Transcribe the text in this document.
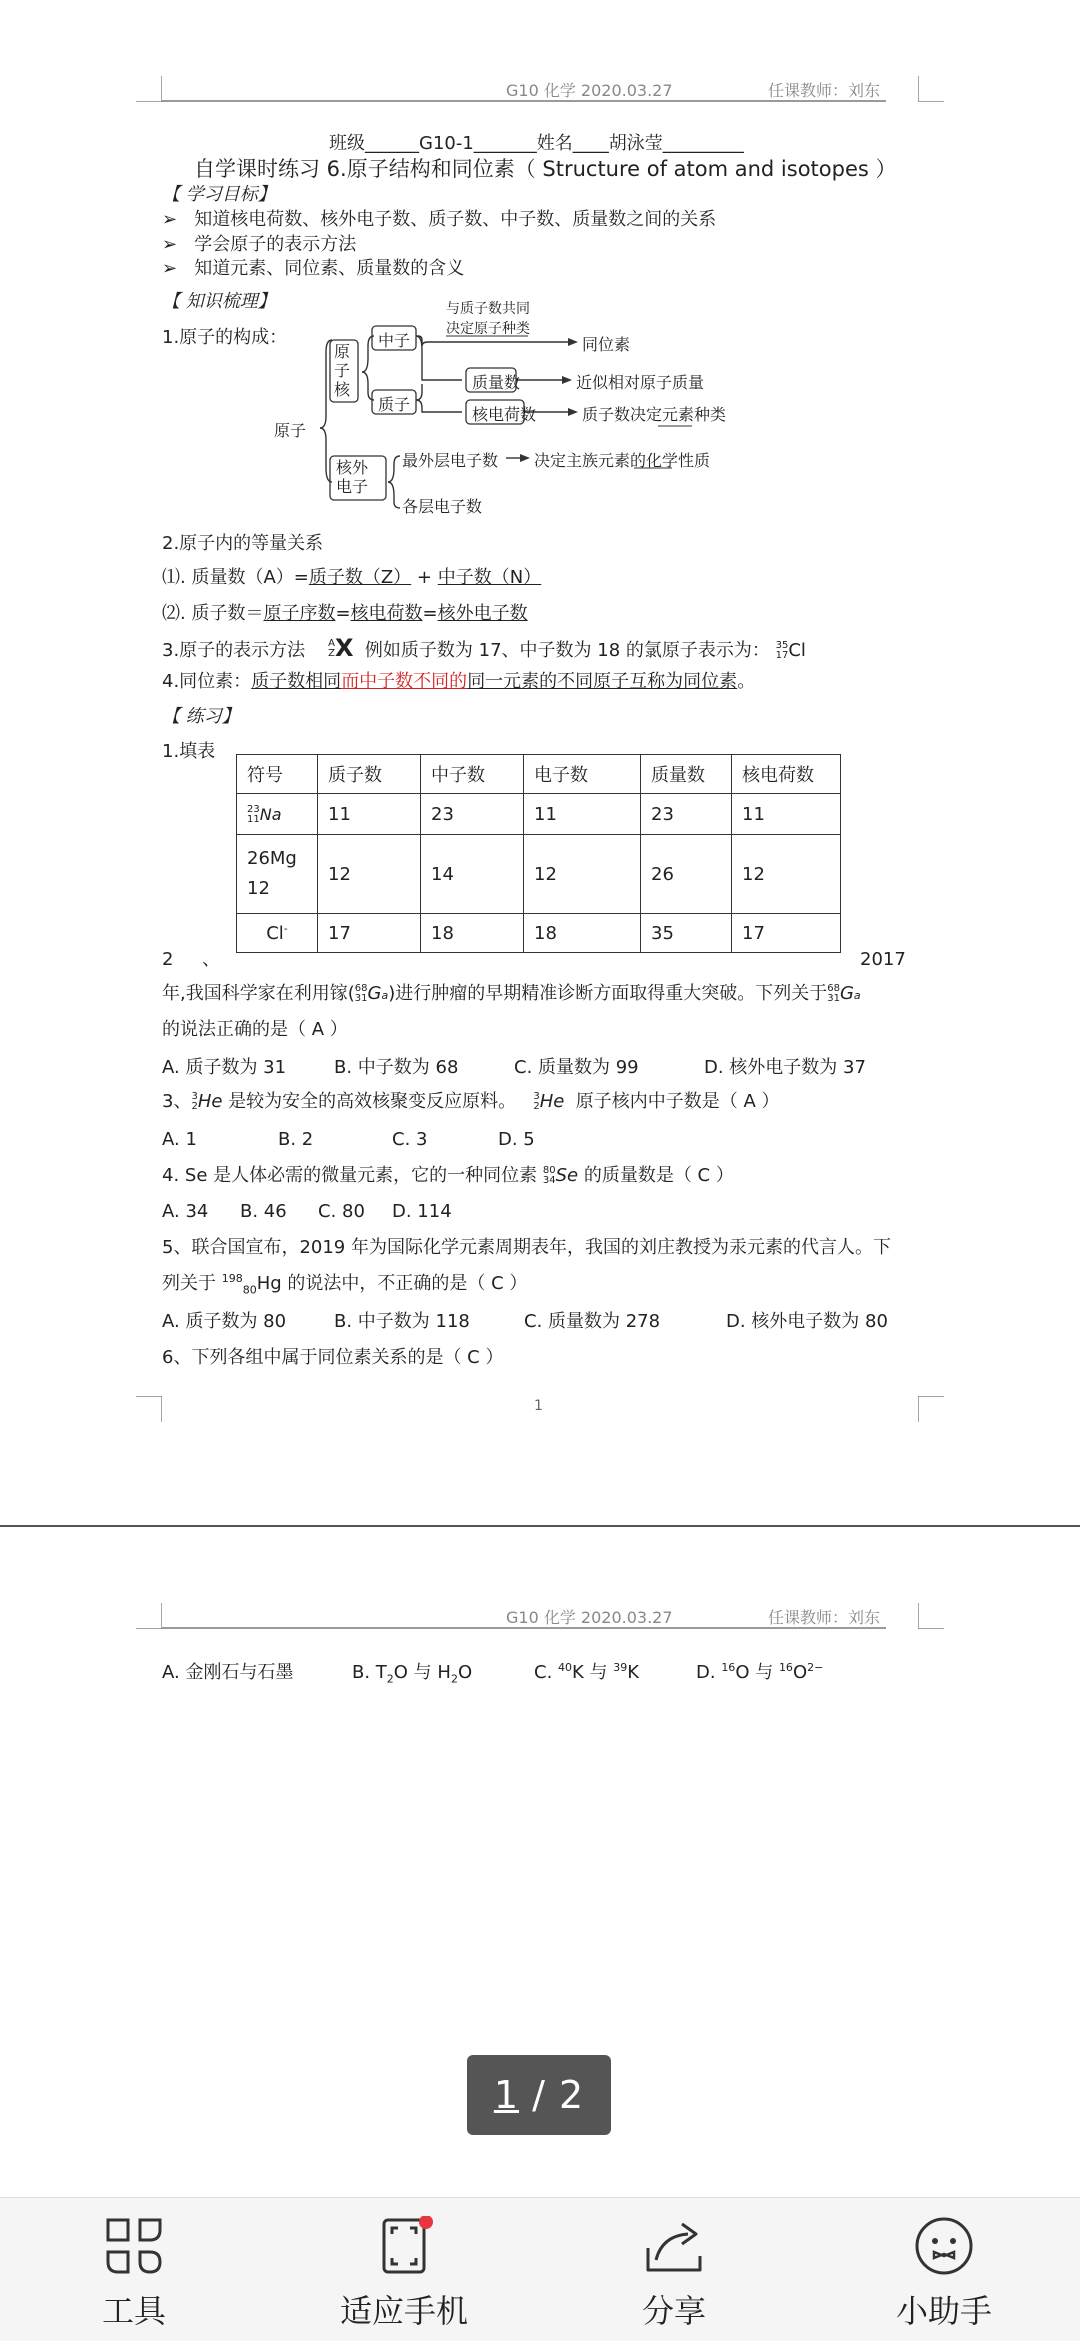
G10 化学 2020.03.27	任课教师：刘东
班级______G10-1_______姓名____胡泳莹_________
自学课时练习 6.原子结构和同位素（ Structure of atom and isotopes ）
【 学习目标】
➢   知道核电荷数、核外电子数、质子数、中子数、质量数之间的关系
➢   学会原子的表示方法
➢   知道元素、同位素、质量数的含义
【 知识梳理】
1.原子的构成：
原子
原子核
中子
质子
与质子数共同
决定原子种类
同位素
质量数	近似相对原子质量
核电荷数	质子数决定元素种类
核外电子
最外层电子数 决定主族元素的化学性质
各层电子数
2.原子内的等量关系
⑴. 质量数（A）=质子数（Z） + 中子数（N）
⑵. 质子数＝原子序数=核电荷数=核外电子数
3.原子的表示方法 A
Z X 例如质子数为 17、中子数为 18 的氯原子表示为： 35
17 Cl
4.同位素：质子数相同而中子数不同的同一元素的不同原子互称为同位素。
【 练习】
1.填表
符号	质子数	中子数	电子数	质量数	核电荷数

23
11 Na	11	23	11	23	11
26Mg
12	12	14	12	26	12
Cl-	17	18	18	35	17
2 、	2017
年,我国科学家在利用镓( 68
31 Ga)进行肿瘤的早期精准诊断方面取得重大突破。下列关于 68
31 Ga
的说法正确的是（ A ）
A. 质子数为 31	B. 中子数为 68	C. 质量数为 99	D. 核外电子数为 37
3、 3
2 He 是较为安全的高效核聚变反应原料。 3
2 He 原子核内中子数是（ A ）
A. 1	B. 2	C. 3	D. 5
4. Se 是人体必需的微量元素，它的一种同位素 80
34 Se 的质量数是（ C ）
A. 34 B. 46 C. 80 D. 114
5、联合国宣布，2019 年为国际化学元素周期表年，我国的刘庄教授为汞元素的代言人。下
列关于 $^{198}_{80}$Hg 的说法中，不正确的是（ C ）
A. 质子数为 80	B. 中子数为 118	C. 质量数为 278	D. 核外电子数为 80
6、下列各组中属于同位素关系的是（ C ）
1
G10 化学 2020.03.27	任课教师：刘东
A. 金刚石与石墨	B. $T_2O$ 与 $H_2O$	C. $^{40}$K 与 $^{39}$K	D. $^{16}$O 与 $^{16}O^{2-}$
1 / 2
工具	适应手机	分享	小助手
